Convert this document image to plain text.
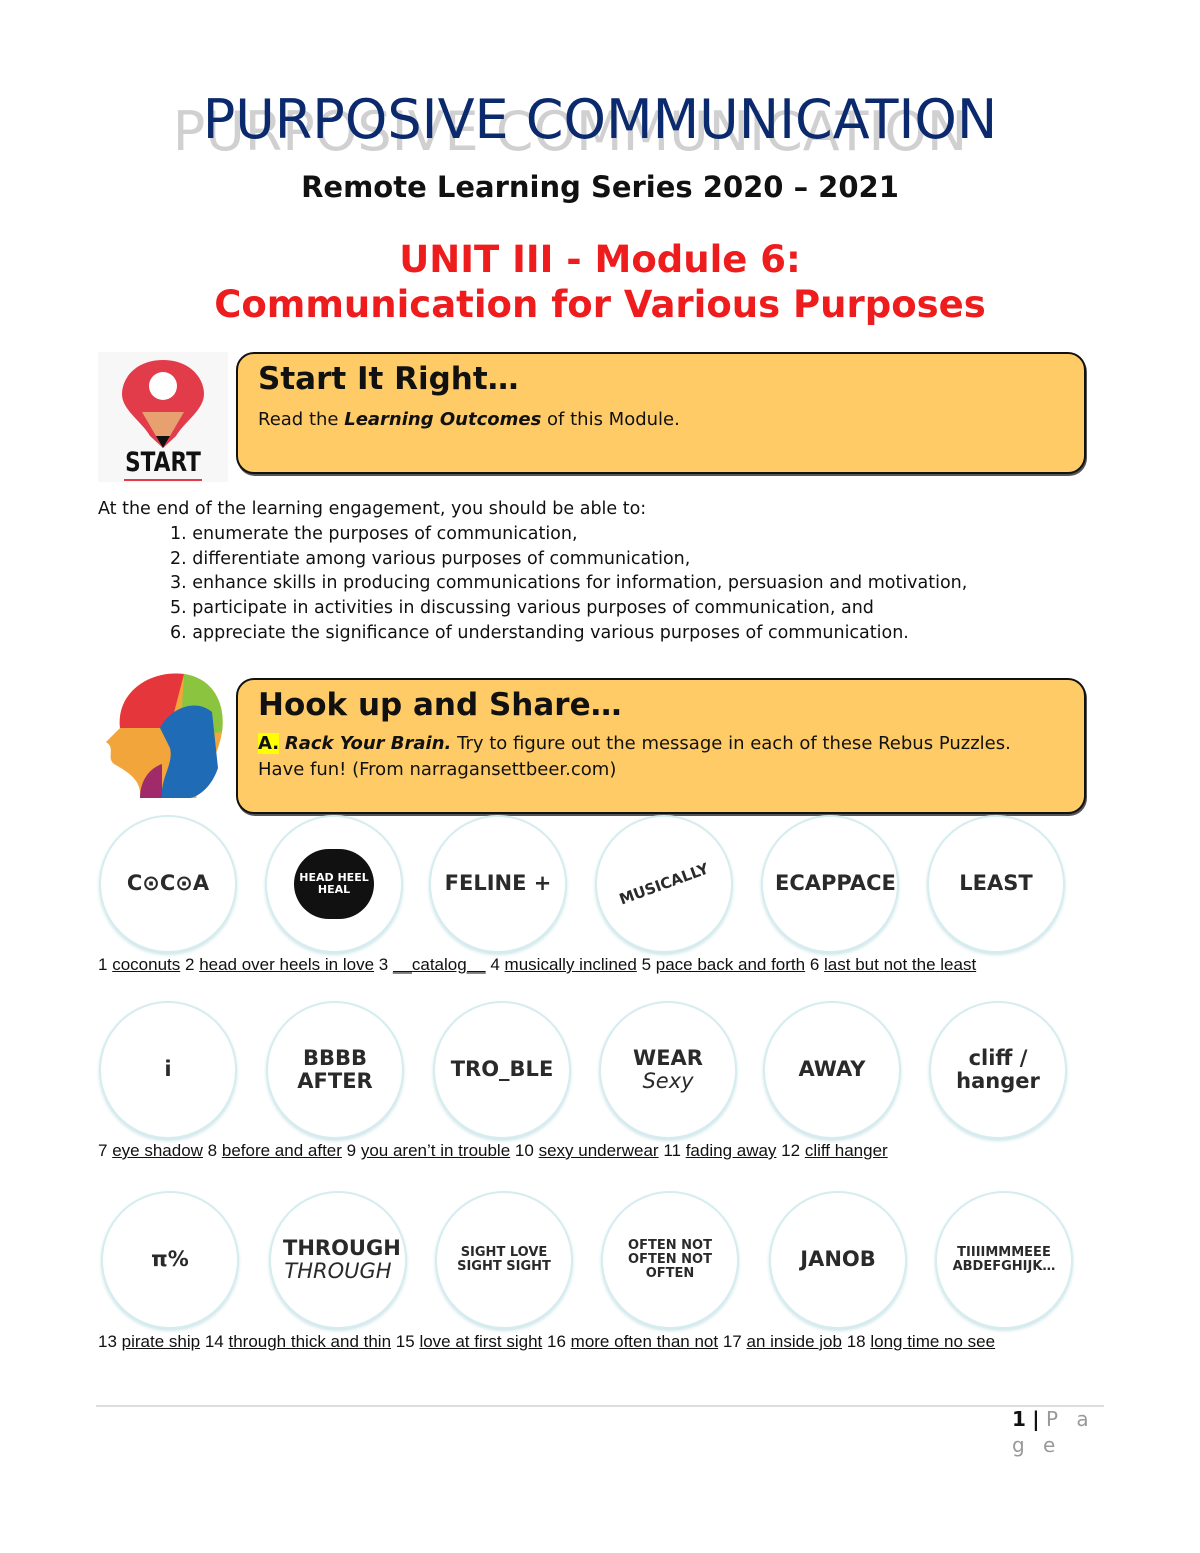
PURPOSIVE COMMUNICATION
Remote Learning Series 2020 – 2021
UNIT III - Module 6:
Communication for Various Purposes
START
Start It Right…

Read the Learning Outcomes of this Module.

At the end of the learning engagement, you should be able to:
1. enumerate the purposes of communication,
2. differentiate among various purposes of communication,
3. enhance skills in producing communications for information, persuasion and motivation,
5. participate in activities in discussing various purposes of communication, and
6. appreciate the significance of understanding various purposes of communication.
Hook up and Share…

A. Rack Your Brain. Try to figure out the message in each of these Rebus Puzzles.
Have fun! (From narragansettbeer.com)

C⊙C⊙A	HEAD HEEL HEAL	FELINE +	MUSICALLY	ECAPPACE	LEAST
i	BBBB AFTER	TRO_BLE	WEAR
Sexy	AWAY	cliff / hanger
π%	THROUGH
THROUGH
SIGHT LOVE SIGHT SIGHT
OFTEN NOT OFTEN NOT OFTEN
JANOB	TIIIIMMMEEE ABDEFGHIJK…
1 coconuts 2 head over heels in love 3 __catalog__ 4 musically inclined 5 pace back and forth 6 last but not the least
7 eye shadow 8 before and after 9 you aren’t in trouble 10 sexy underwear 11 fading away 12 cliff hanger
13 pirate ship 14 through thick and thin 15 love at first sight 16 more often than not 17 an inside job 18 long time no see
1 | P a g e
